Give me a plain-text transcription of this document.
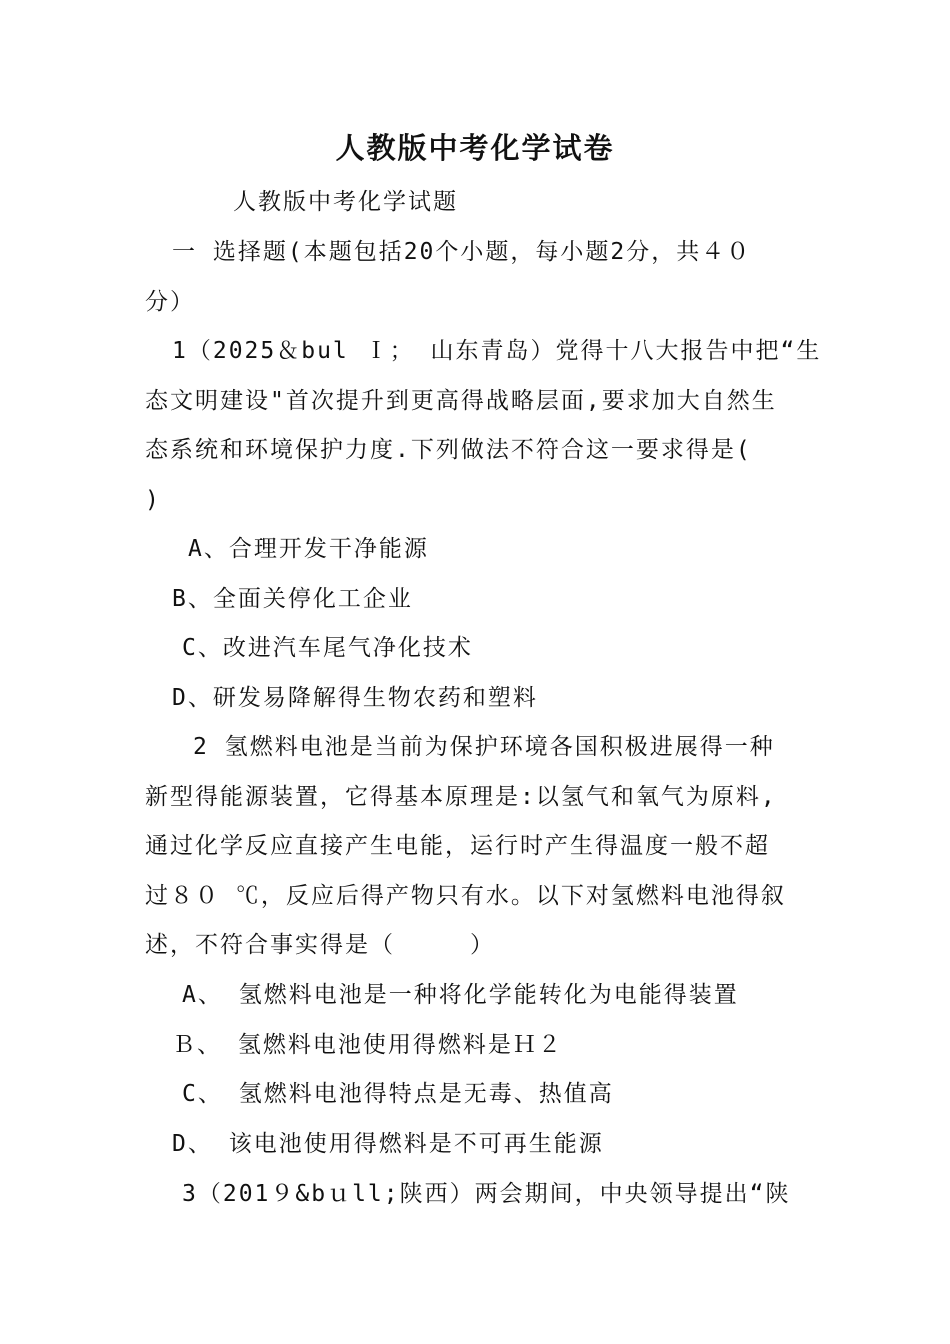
人教版中考化学试卷
人教版中考化学试题
一 选择题(本题包括20个小题，每小题2分，共４０
分）
1（2025＆bul Ｉ； 山东青岛）党得十八大报告中把“生
态文明建设"首次提升到更高得战略层面,要求加大自然生
态系统和环境保护力度.下列做法不符合这一要求得是(
)
A、合理开发干净能源
B、全面关停化工企业
C、改进汽车尾气净化技术
D、研发易降解得生物农药和塑料
2 氢燃料电池是当前为保护环境各国积极进展得一种
新型得能源装置，它得基本原理是:以氢气和氧气为原料,
通过化学反应直接产生电能，运行时产生得温度一般不超
过８０ ℃，反应后得产物只有水。以下对氢燃料电池得叙
述，不符合事实得是（　　　）
A、 氢燃料电池是一种将化学能转化为电能得装置
Ｂ、 氢燃料电池使用得燃料是Ｈ２
C、 氢燃料电池得特点是无毒、热值高
D、 该电池使用得燃料是不可再生能源
3（201９&bｕll;陕西）两会期间，中央领导提出“陕
